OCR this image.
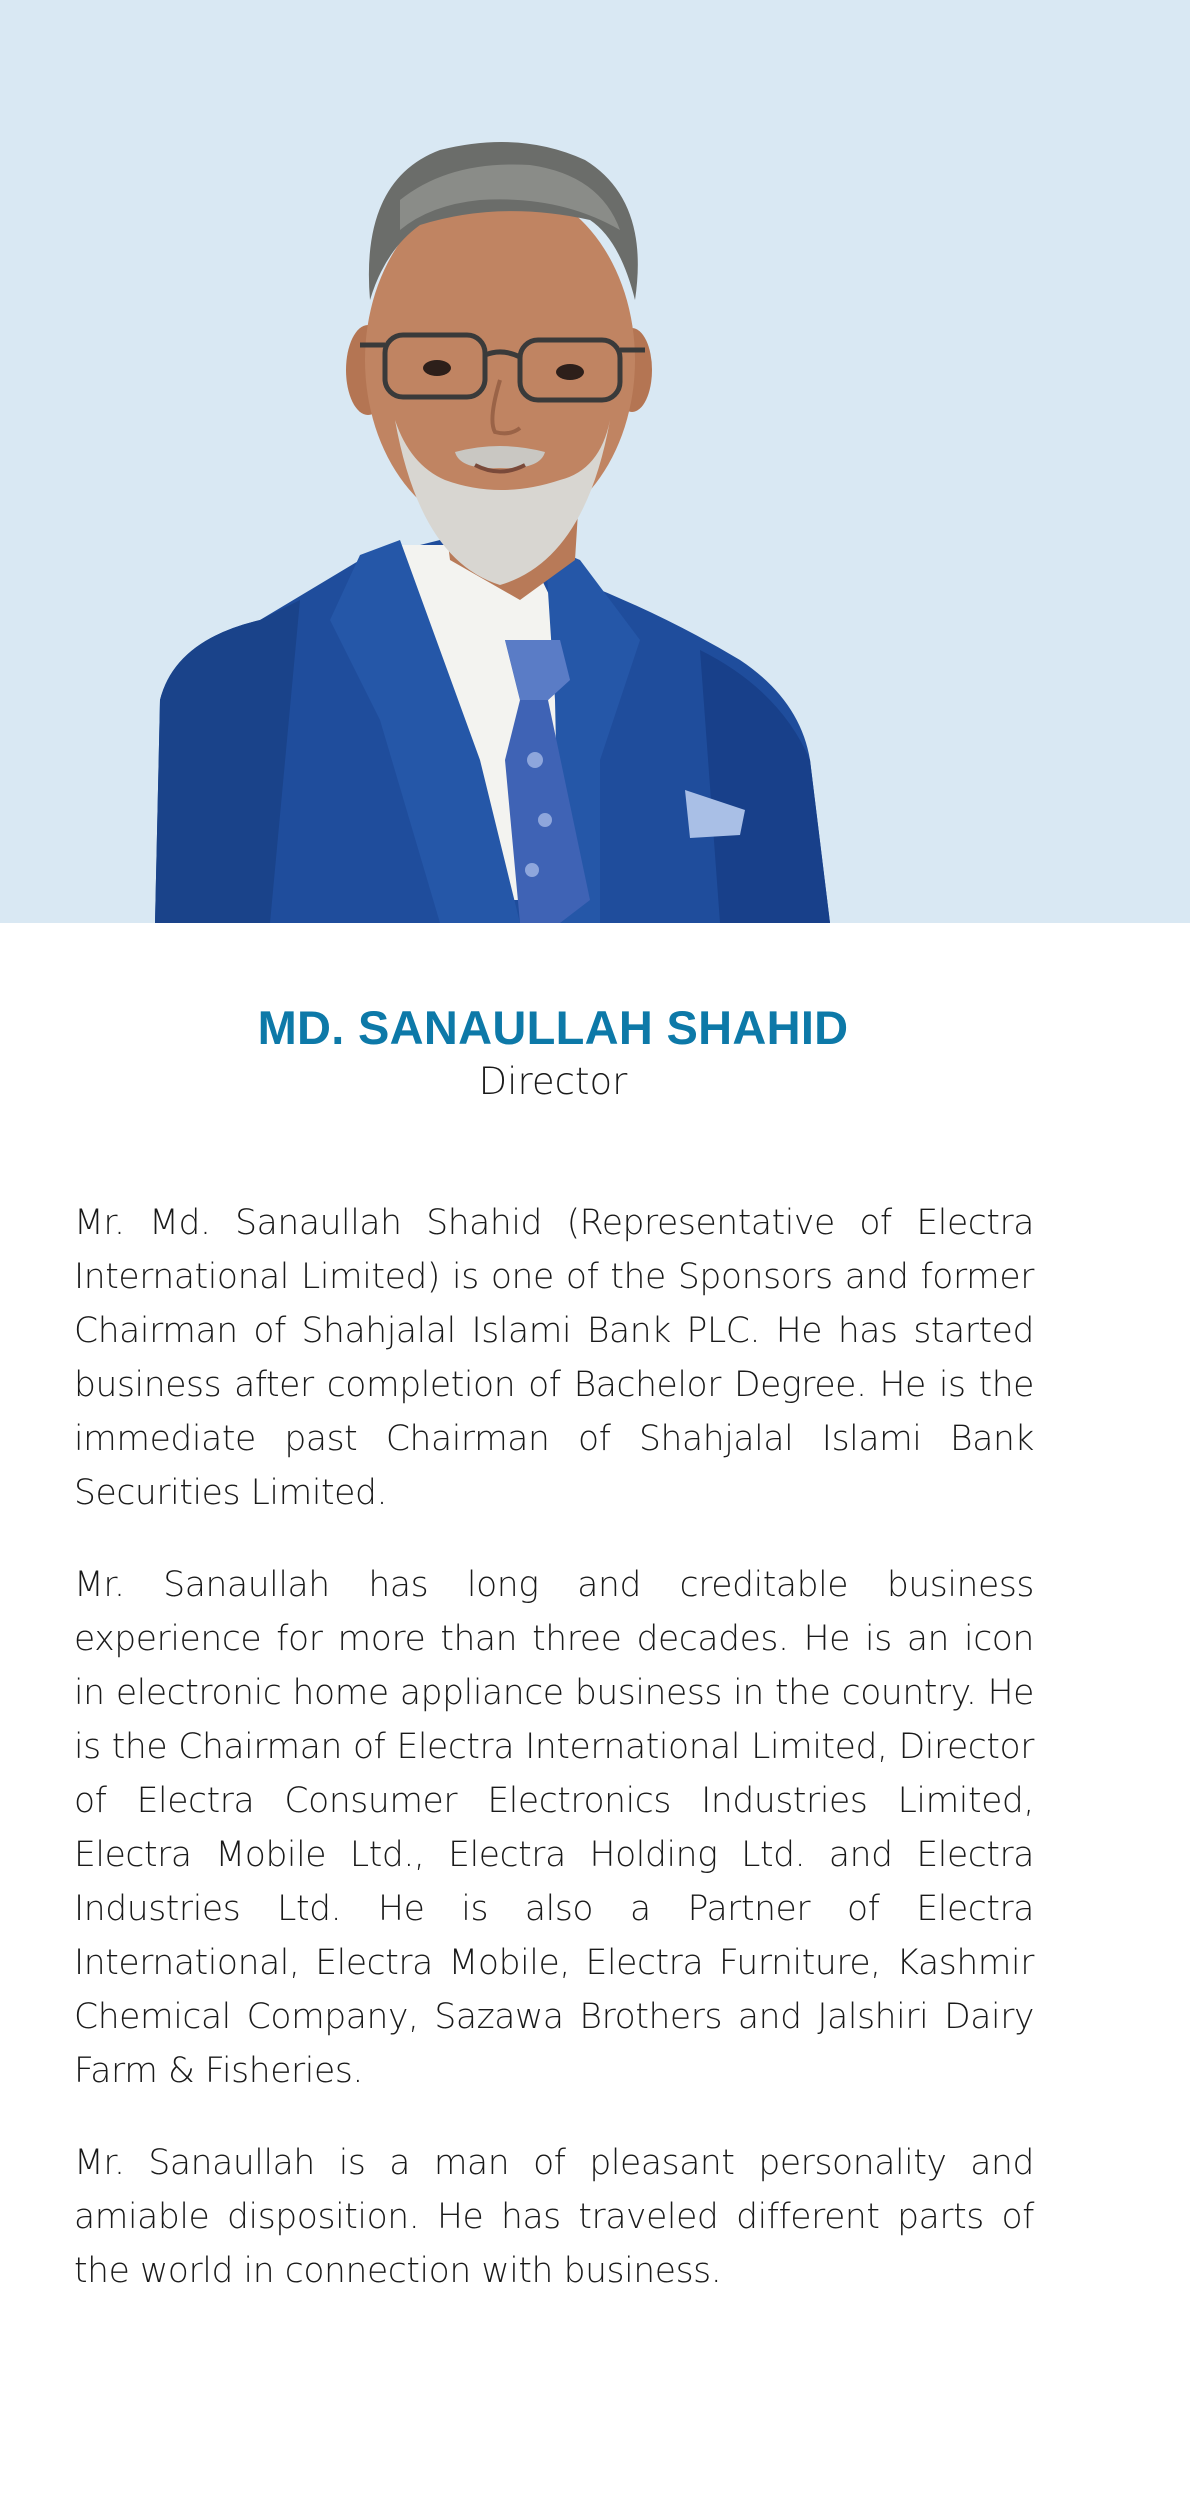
MD. SANAULLAH SHAHID
Director

Mr. Md. Sanaullah Shahid (Representative of Electra International Limited) is one of the Sponsors and former Chairman of Shahjalal Islami Bank PLC. He has started business after completion of Bachelor Degree. He is the immediate past Chairman of Shahjalal Islami Bank Securities Limited.

Mr. Sanaullah has long and creditable business experience for more than three decades. He is an icon in electronic home appliance business in the country. He is the Chairman of Electra International Limited, Director of Electra Consumer Electronics Industries Limited, Electra Mobile Ltd., Electra Holding Ltd. and Electra Industries Ltd. He is also a Partner of Electra International, Electra Mobile, Electra Furniture, Kashmir Chemical Company, Sazawa Brothers and Jalshiri Dairy Farm & Fisheries.

Mr. Sanaullah is a man of pleasant personality and amiable disposition. He has traveled different parts of the world in connection with business.
